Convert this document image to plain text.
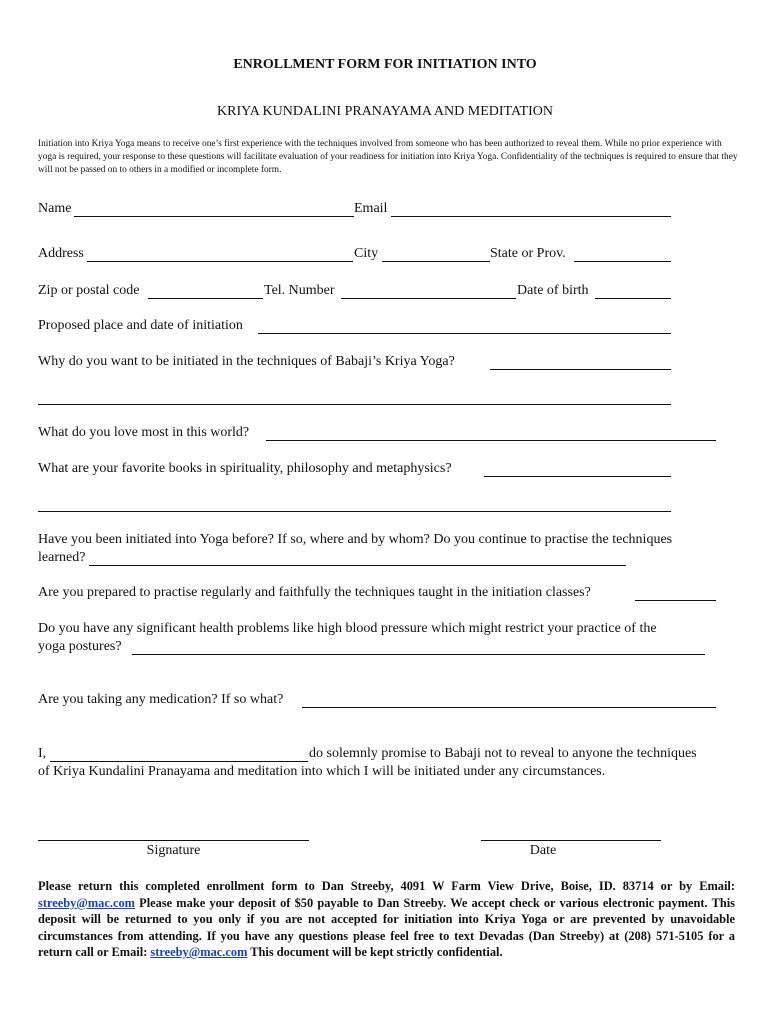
ENROLLMENT FORM FOR INITIATION INTO
KRIYA KUNDALINI PRANAYAMA AND MEDITATION
Initiation into Kriya Yoga means to receive one’s first experience with the techniques involved from someone who has been authorized to reveal them. While no prior experience with yoga is required, your response to these questions will facilitate evaluation of your readiness for initiation into Kriya Yoga. Confidentiality of the techniques is required to ensure that they will not be passed on to others in a modified or incomplete form.
Name	Email
Address	City	State or Prov.
Zip or postal code	Tel. Number	Date of birth
Proposed place and date of initiation
Why do you want to be initiated in the techniques of Babaji’s Kriya Yoga?
What do you love most in this world?
What are your favorite books in spirituality, philosophy and metaphysics?
Have you been initiated into Yoga before? If so, where and by whom? Do you continue to practise the techniques
learned?
Are you prepared to practise regularly and faithfully the techniques taught in the initiation classes?
Do you have any significant health problems like high blood pressure which might restrict your practice of the
yoga postures?
Are you taking any medication? If so what?
I,	do solemnly promise to Babaji not to reveal to anyone the techniques
of Kriya Kundalini Pranayama and meditation into which I will be initiated under any circumstances.
Signature	Date
Please return this completed enrollment form to Dan Streeby, 4091 W Farm View Drive, Boise, ID. 83714 or by Email: streeby@mac.com Please make your deposit of $50 payable to Dan Streeby. We accept check or various electronic payment. This deposit will be returned to you only if you are not accepted for initiation into Kriya Yoga or are prevented by unavoidable circumstances from attending. If you have any questions please feel free to text Devadas (Dan Streeby) at (208) 571-5105 for a return call or Email: streeby@mac.com This document will be kept strictly confidential.
